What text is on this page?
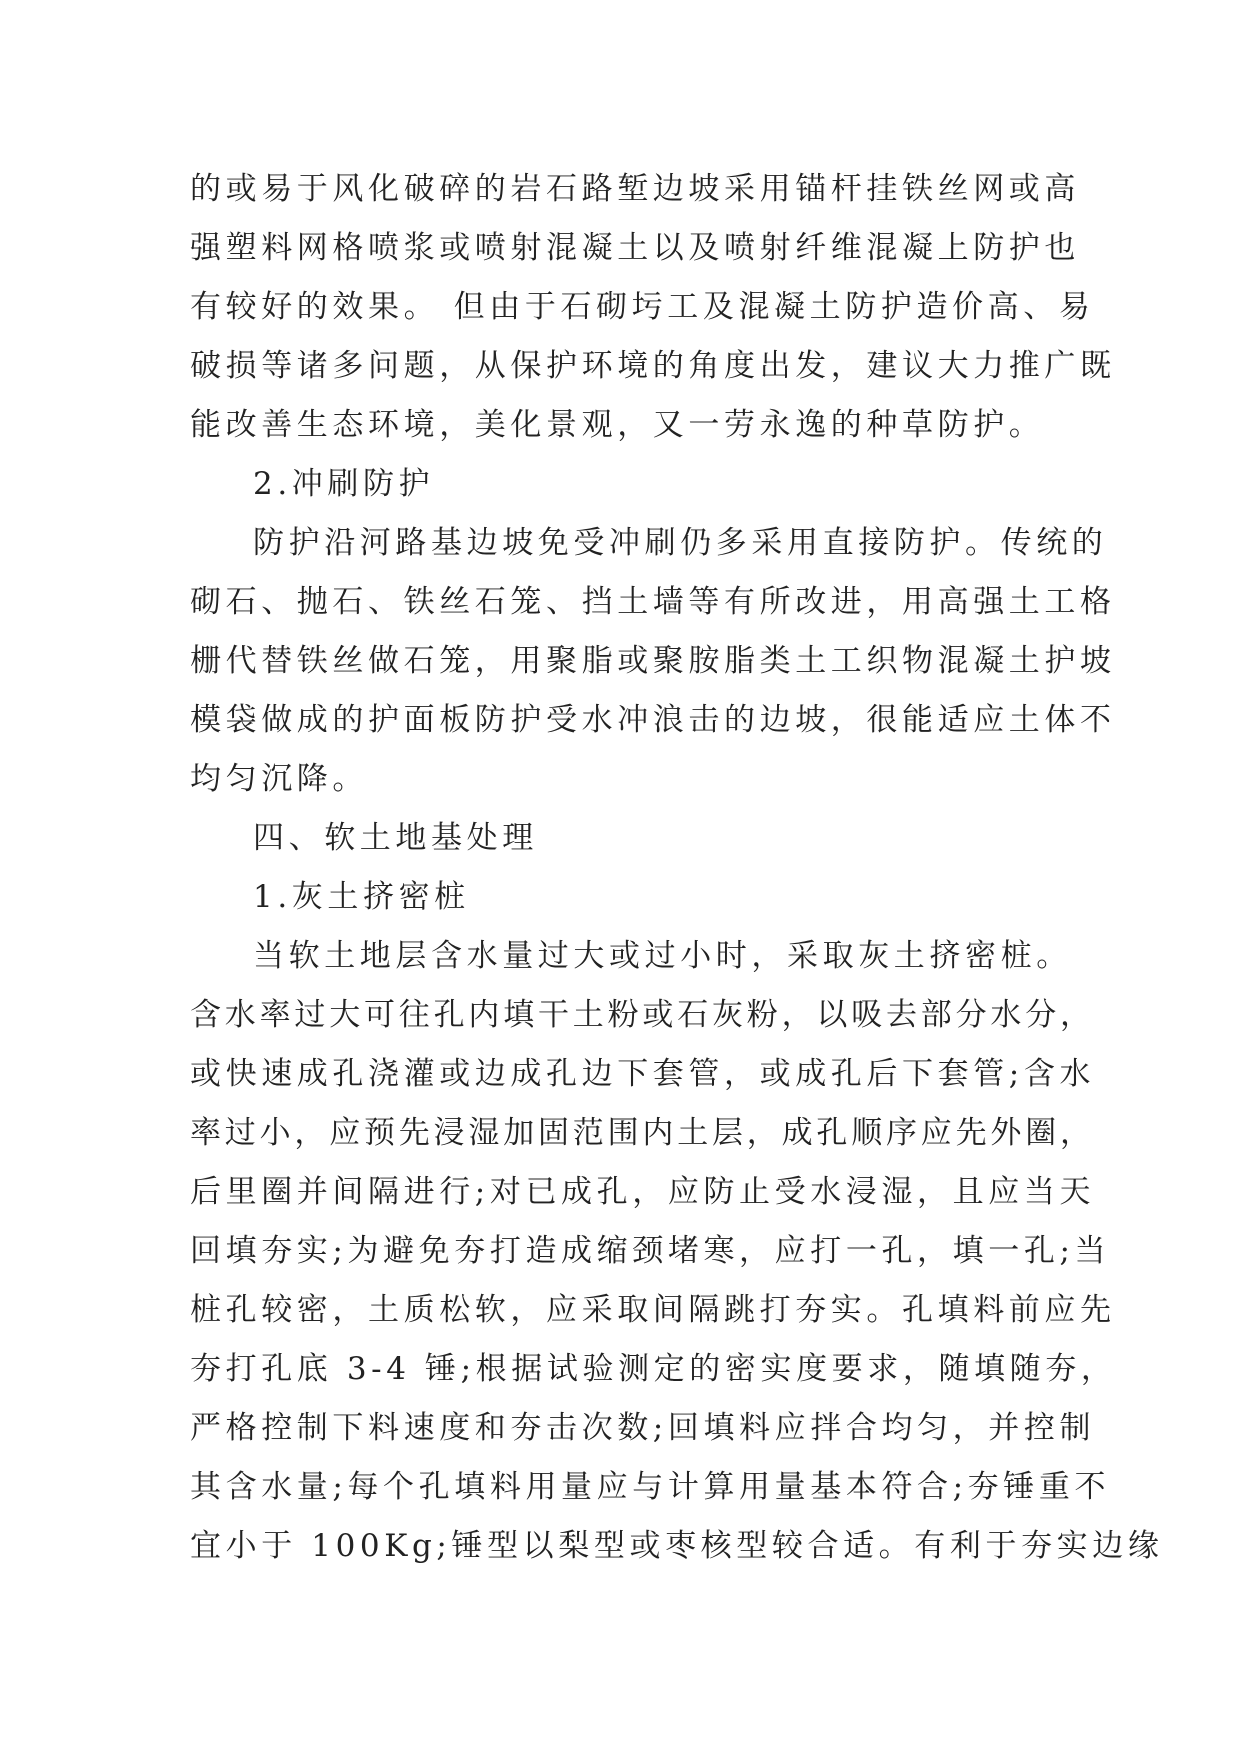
的或易于风化破碎的岩石路堑边坡采用锚杆挂铁丝网或高
强塑料网格喷浆或喷射混凝土以及喷射纤维混凝上防护也
有较好的效果。 但由于石砌圬工及混凝土防护造价高、易
破损等诸多问题，从保护环境的角度出发，建议大力推广既
能改善生态环境，美化景观，又一劳永逸的种草防护。
2.冲刷防护
防护沿河路基边坡免受冲刷仍多采用直接防护。传统的
砌石、抛石、铁丝石笼、挡土墙等有所改进，用高强土工格
栅代替铁丝做石笼，用聚脂或聚胺脂类土工织物混凝土护坡
模袋做成的护面板防护受水冲浪击的边坡，很能适应土体不
均匀沉降。
四、软土地基处理
1.灰土挤密桩
当软土地层含水量过大或过小时，采取灰土挤密桩。
含水率过大可往孔内填干土粉或石灰粉，以吸去部分水分，
或快速成孔浇灌或边成孔边下套管，或成孔后下套管;含水
率过小，应预先浸湿加固范围内土层，成孔顺序应先外圈，
后里圈并间隔进行;对已成孔，应防止受水浸湿，且应当天
回填夯实;为避免夯打造成缩颈堵寒，应打一孔，填一孔;当
桩孔较密，土质松软，应采取间隔跳打夯实。孔填料前应先
夯打孔底 3-4 锤;根据试验测定的密实度要求，随填随夯，
严格控制下料速度和夯击次数;回填料应拌合均匀，并控制
其含水量;每个孔填料用量应与计算用量基本符合;夯锤重不
宜小于 100Kg;锤型以梨型或枣核型较合适。有利于夯实边缘
